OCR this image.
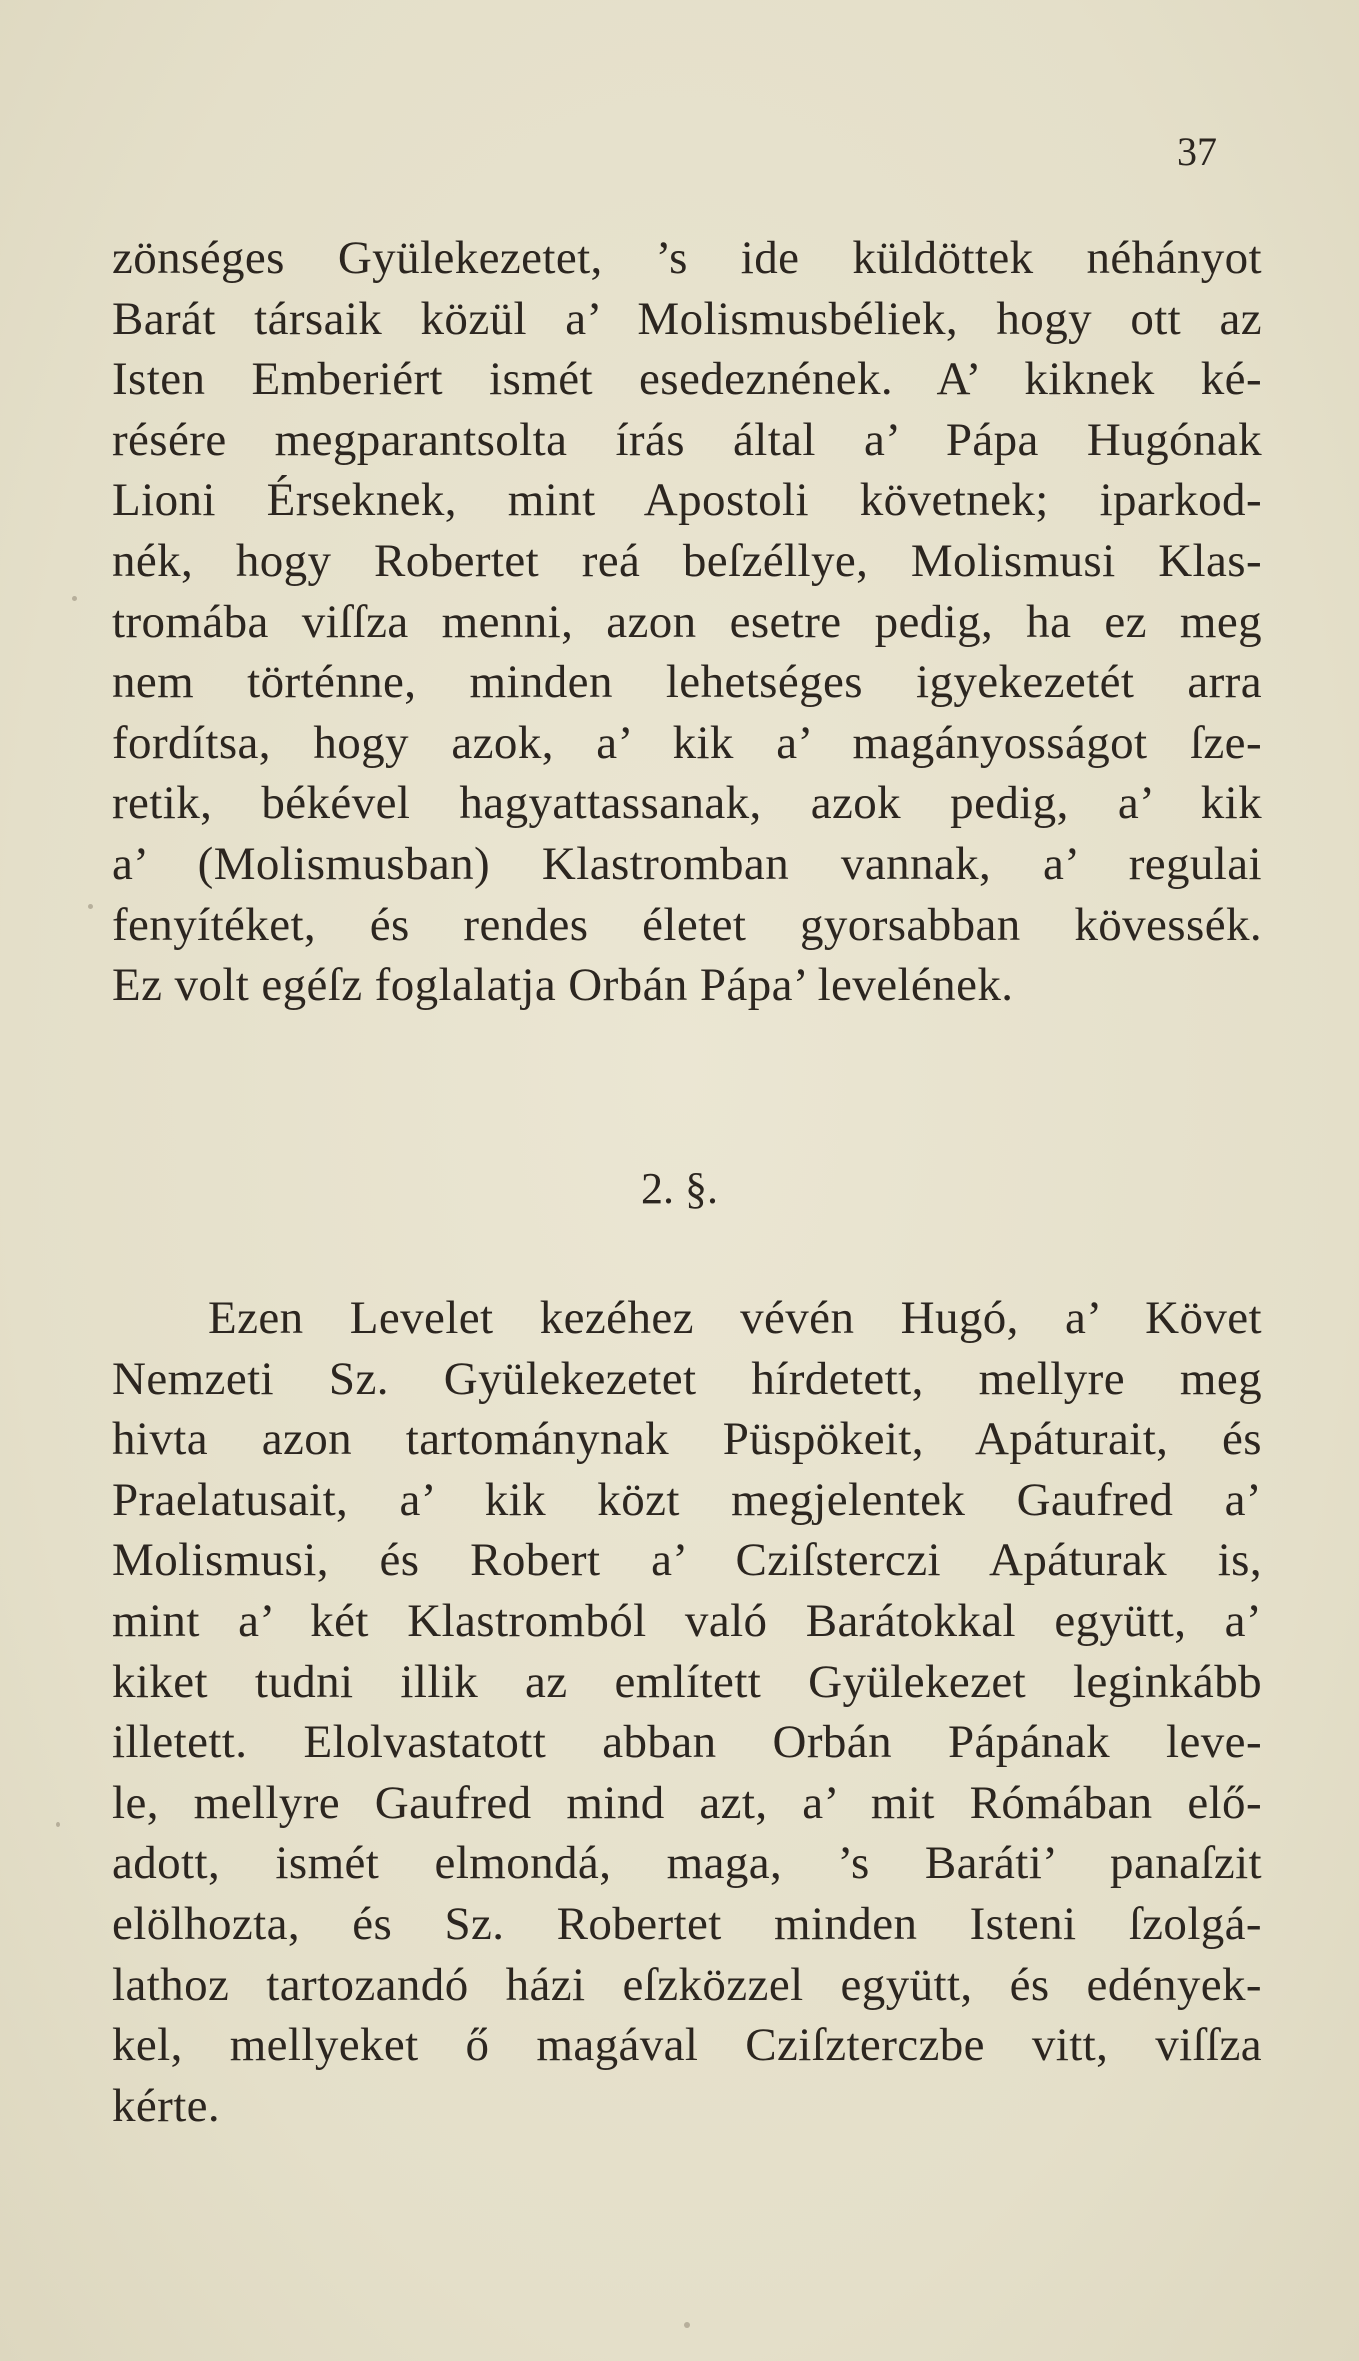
37
zönséges Gyülekezetet, ’s ide küldöttek néhányot
Barát társaik közül a’ Molismusbéliek, hogy ott az
Isten Emberiért ismét esedeznének. A’ kiknek ké-
résére megparantsolta írás által a’ Pápa Hugónak
Lioni Érseknek, mint Apostoli követnek; iparkod-
nék, hogy Robertet reá beſzéllye, Molismusi Klas-
tromába viſſza menni, azon esetre pedig, ha ez meg
nem történne, minden lehetséges igyekezetét arra
fordítsa, hogy azok, a’ kik a’ magányosságot ſze-
retik, békével hagyattassanak, azok pedig, a’ kik
a’ (Molismusban) Klastromban vannak, a’ regulai
fenyítéket, és rendes életet gyorsabban kövessék.
Ez volt egéſz foglalatja Orbán Pápa’ levelének.
2. §.
Ezen Levelet kezéhez vévén Hugó, a’ Követ
Nemzeti Sz. Gyülekezetet hírdetett, mellyre meg
hivta azon tartománynak Püspökeit, Apáturait, és
Praelatusait, a’ kik közt megjelentek Gaufred a’
Molismusi, és Robert a’ Cziſsterczi Apáturak is,
mint a’ két Klastromból való Barátokkal együtt, a’
kiket tudni illik az említett Gyülekezet leginkább
illetett. Elolvastatott abban Orbán Pápának leve-
le, mellyre Gaufred mind azt, a’ mit Rómában elő-
adott, ismét elmondá, maga, ’s Baráti’ panaſzit
elölhozta, és Sz. Robertet minden Isteni ſzolgá-
lathoz tartozandó házi eſzközzel együtt, és edények-
kel, mellyeket ő magával Cziſzterczbe vitt, viſſza
kérte.
